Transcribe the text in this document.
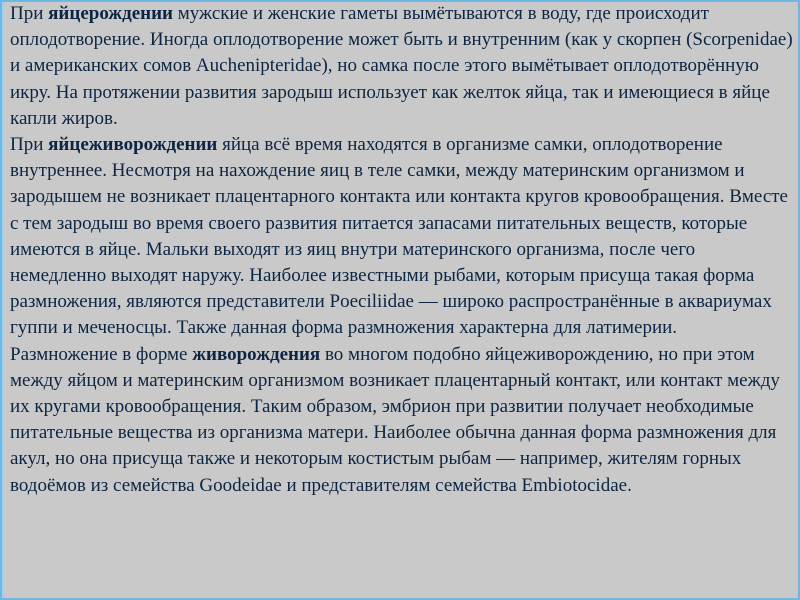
При яйцерождении мужские и женские гаметы вымётываются в воду, где происходит оплодотворение. Иногда оплодотворение может быть и внутренним (как у скорпен (Scorpenidae) и американских сомов Auchenipteridae), но самка после этого вымётывает оплодотворённую икру. На протяжении развития зародыш использует как желток яйца, так и имеющиеся в яйце капли жиров.

При яйцеживорождении яйца всё время находятся в организме самки, оплодотворение внутреннее. Несмотря на нахождение яиц в теле самки, между материнским организмом и зародышем не возникает плацентарного контакта или контакта кругов кровообращения. Вместе с тем зародыш во время своего развития питается запасами питательных веществ, которые имеются в яйце. Мальки выходят из яиц внутри материнского организма, после чего немедленно выходят наружу. Наиболее известными рыбами, которым присуща такая форма размножения, являются представители Poeciliidae — широко распространённые в аквариумах гуппи и меченосцы. Также данная форма размножения характерна для латимерии.

Размножение в форме живорождения во многом подобно яйцеживорождению, но при этом между яйцом и материнским организмом возникает плацентарный контакт, или контакт между их кругами кровообращения. Таким образом, эмбрион при развитии получает необходимые питательные вещества из организма матери. Наиболее обычна данная форма размножения для акул, но она присуща также и некоторым костистым рыбам — например, жителям горных водоёмов из семейства Goodeidae и представителям семейства Embiotocidae.
